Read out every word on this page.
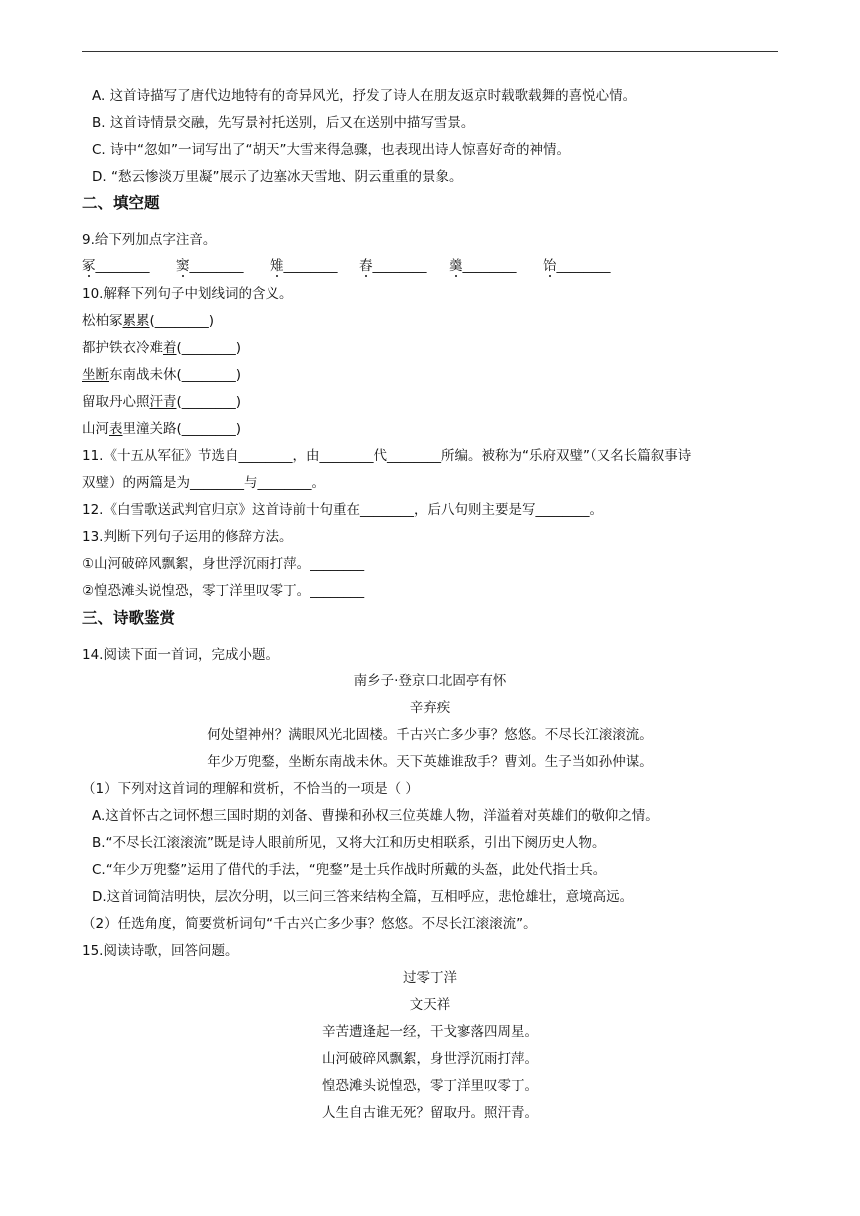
A. 这首诗描写了唐代边地特有的奇异风光，抒发了诗人在朋友返京时载歌载舞的喜悦心情。
B. 这首诗情景交融，先写景衬托送别，后又在送别中描写雪景。
C. 诗中“忽如”一词写出了“胡天”大雪来得急骤，也表现出诗人惊喜好奇的神情。
D. “愁云惨淡万里凝”展示了边塞冰天雪地、阴云重重的景象。
二、填空题
9.给下列加点字注音。
冢________ 窦________ 雉________ 舂________ 羹________ 饴________
10.解释下列句子中划线词的含义。
松柏冢累累(________)
都护铁衣冷难着(________)
坐断东南战未休(________)
留取丹心照汗青(________)
山河表里潼关路(________)
11.《十五从军征》节选自________，由________代________所编。被称为“乐府双璧”（又名长篇叙事诗
双璧）的两篇是为________与________。
12.《白雪歌送武判官归京》这首诗前十句重在________，后八句则主要是写________。
13.判断下列句子运用的修辞方法。
①山河破碎风飘絮，身世浮沉雨打萍。________
②惶恐滩头说惶恐，零丁洋里叹零丁。________
三、诗歌鉴赏
14.阅读下面一首词，完成小题。
南乡子·登京口北固亭有怀
辛弃疾
何处望神州？满眼风光北固楼。千古兴亡多少事？悠悠。不尽长江滚滚流。
年少万兜鍪，坐断东南战未休。天下英雄谁敌手？曹刘。生子当如孙仲谋。
（1）下列对这首词的理解和赏析，不恰当的一项是（ ）
A.这首怀古之词怀想三国时期的刘备、曹操和孙权三位英雄人物，洋溢着对英雄们的敬仰之情。
B.“不尽长江滚滚流”既是诗人眼前所见，又将大江和历史相联系，引出下阕历史人物。
C.“年少万兜鍪”运用了借代的手法，“兜鍪”是士兵作战时所戴的头盔，此处代指士兵。
D.这首词简洁明快，层次分明，以三问三答来结构全篇，互相呼应，悲怆雄壮，意境高远。
（2）任选角度，简要赏析词句“千古兴亡多少事？悠悠。不尽长江滚滚流”。
15.阅读诗歌，回答问题。
过零丁洋
文天祥
辛苦遭逢起一经，干戈寥落四周星。
山河破碎风飘絮，身世浮沉雨打萍。
惶恐滩头说惶恐，零丁洋里叹零丁。
人生自古谁无死？留取丹。照汗青。
